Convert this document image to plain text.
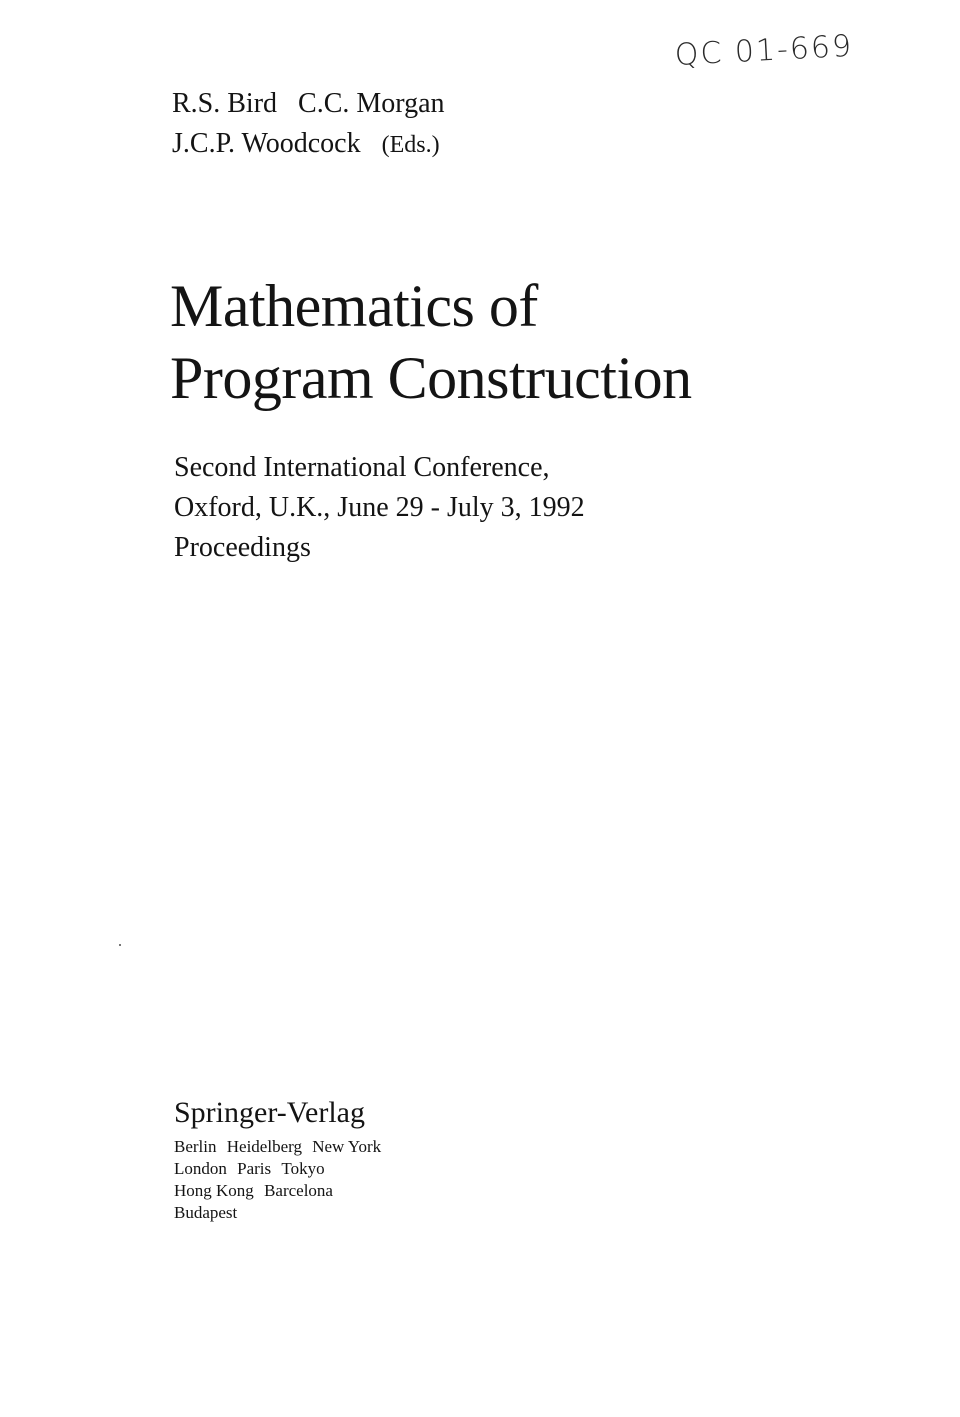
QC 01-669
R.S. Bird C.C. Morgan
J.C.P. Woodcock (Eds.)
Mathematics of
Program Construction
Second International Conference,
Oxford, U.K., June 29 - July 3, 1992
Proceedings
Springer-Verlag
Berlin Heidelberg New York
London Paris Tokyo
Hong Kong Barcelona
Budapest
